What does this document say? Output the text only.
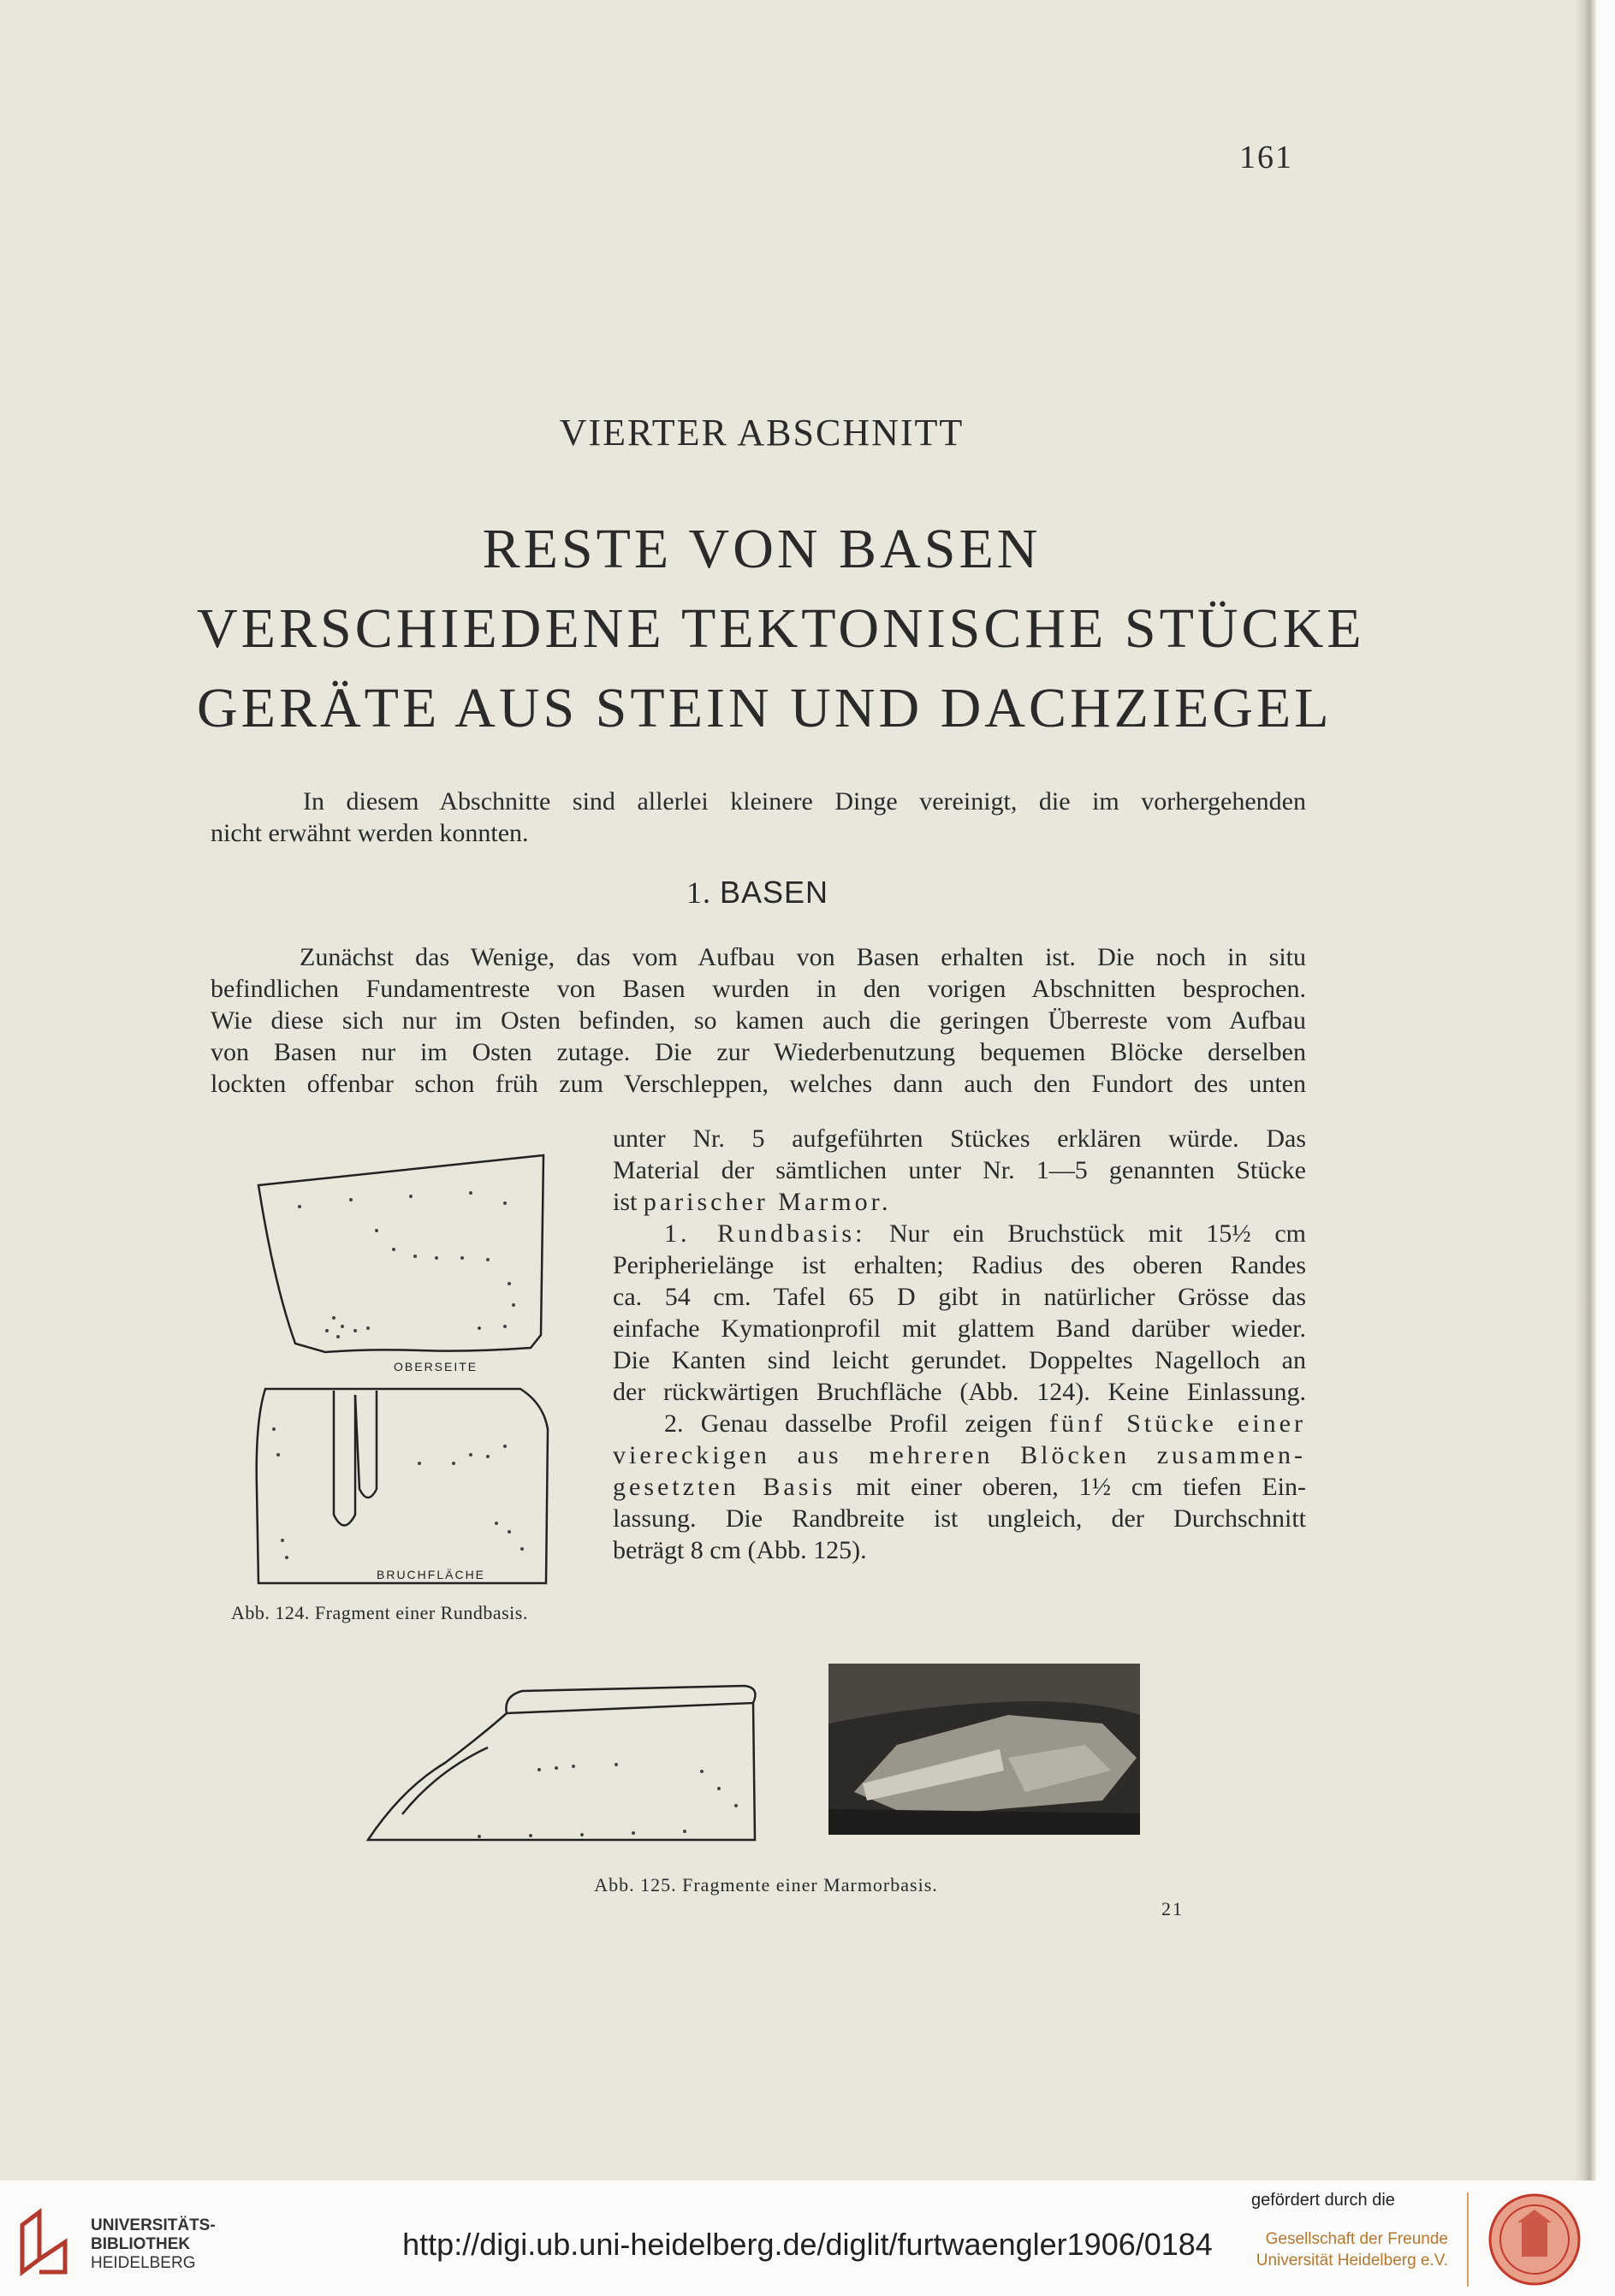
161
VIERTER ABSCHNITT
RESTE VON BASEN
VERSCHIEDENE TEKTONISCHE STÜCKE
GERÄTE AUS STEIN UND DACHZIEGEL
In diesem Abschnitte sind allerlei kleinere Dinge vereinigt, die im vorhergehenden
nicht erwähnt werden konnten.
1. BASEN
Zunächst das Wenige, das vom Aufbau von Basen erhalten ist. Die noch in situ
befindlichen Fundamentreste von Basen wurden in den vorigen Abschnitten besprochen.
Wie diese sich nur im Osten befinden, so kamen auch die geringen Überreste vom Aufbau
von Basen nur im Osten zutage. Die zur Wiederbenutzung bequemen Blöcke derselben
lockten offenbar schon früh zum Verschleppen, welches dann auch den Fundort des unten
unter Nr. 5 aufgeführten Stückes erklären würde. Das
Material der sämtlichen unter Nr. 1—5 genannten Stücke
ist parischer Marmor.
1. Rundbasis: Nur ein Bruchstück mit 15½ cm
Peripherielänge ist erhalten; Radius des oberen Randes
ca. 54 cm. Tafel 65 D gibt in natürlicher Grösse das
einfache Kymationprofil mit glattem Band darüber wieder.
Die Kanten sind leicht gerundet. Doppeltes Nagelloch an
der rückwärtigen Bruchfläche (Abb. 124). Keine Einlassung.
2. Genau dasselbe Profil zeigen fünf Stücke einer
viereckigen aus mehreren Blöcken zusammen-
gesetzten Basis mit einer oberen, 1½ cm tiefen Ein-
lassung. Die Randbreite ist ungleich, der Durchschnitt
beträgt 8 cm (Abb. 125).
OBERSEITE
BRUCHFLÄCHE
Abb. 124. Fragment einer Rundbasis.
Abb. 125. Fragmente einer Marmorbasis.
21
UNIVERSITÄTS-
BIBLIOTHEK
HEIDELBERG
http://digi.ub.uni-heidelberg.de/diglit/furtwaengler1906/0184
gefördert durch die
Gesellschaft der Freunde
Universität Heidelberg e.V.
